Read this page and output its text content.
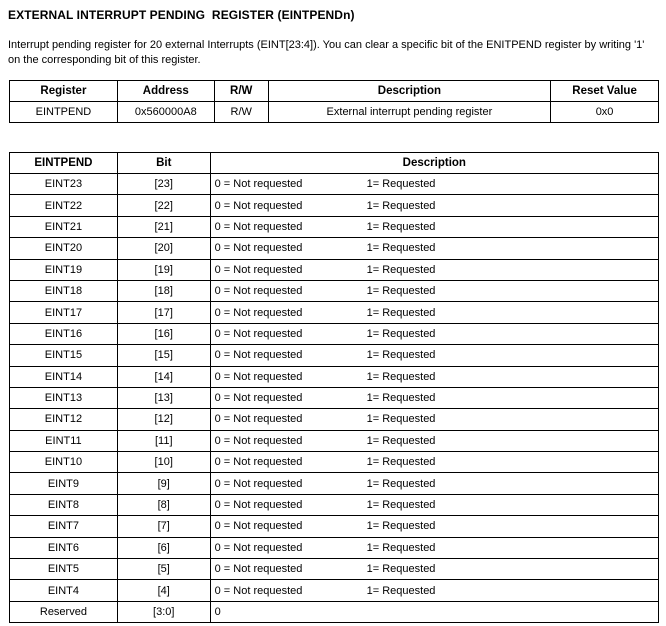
EXTERNAL INTERRUPT PENDING  REGISTER (EINTPENDn)
Interrupt pending register for 20 external Interrupts (EINT[23:4]). You can clear a specific bit of the ENITPEND register by writing '1' on the corresponding bit of this register.
Register	Address	R/W	Description	Reset Value
EINTPEND	0x560000A8	R/W	External interrupt pending register	0x0
EINTPEND	Bit	Description
EINT23	[23]	0 = Not requested 1= Requested
EINT22	[22]	0 = Not requested 1= Requested
EINT21	[21]	0 = Not requested 1= Requested
EINT20	[20]	0 = Not requested 1= Requested
EINT19	[19]	0 = Not requested 1= Requested
EINT18	[18]	0 = Not requested 1= Requested
EINT17	[17]	0 = Not requested 1= Requested
EINT16	[16]	0 = Not requested 1= Requested
EINT15	[15]	0 = Not requested 1= Requested
EINT14	[14]	0 = Not requested 1= Requested
EINT13	[13]	0 = Not requested 1= Requested
EINT12	[12]	0 = Not requested 1= Requested
EINT11	[11]	0 = Not requested 1= Requested
EINT10	[10]	0 = Not requested 1= Requested
EINT9	[9]	0 = Not requested 1= Requested
EINT8	[8]	0 = Not requested 1= Requested
EINT7	[7]	0 = Not requested 1= Requested
EINT6	[6]	0 = Not requested 1= Requested
EINT5	[5]	0 = Not requested 1= Requested
EINT4	[4]	0 = Not requested 1= Requested
Reserved	[3:0]	0
